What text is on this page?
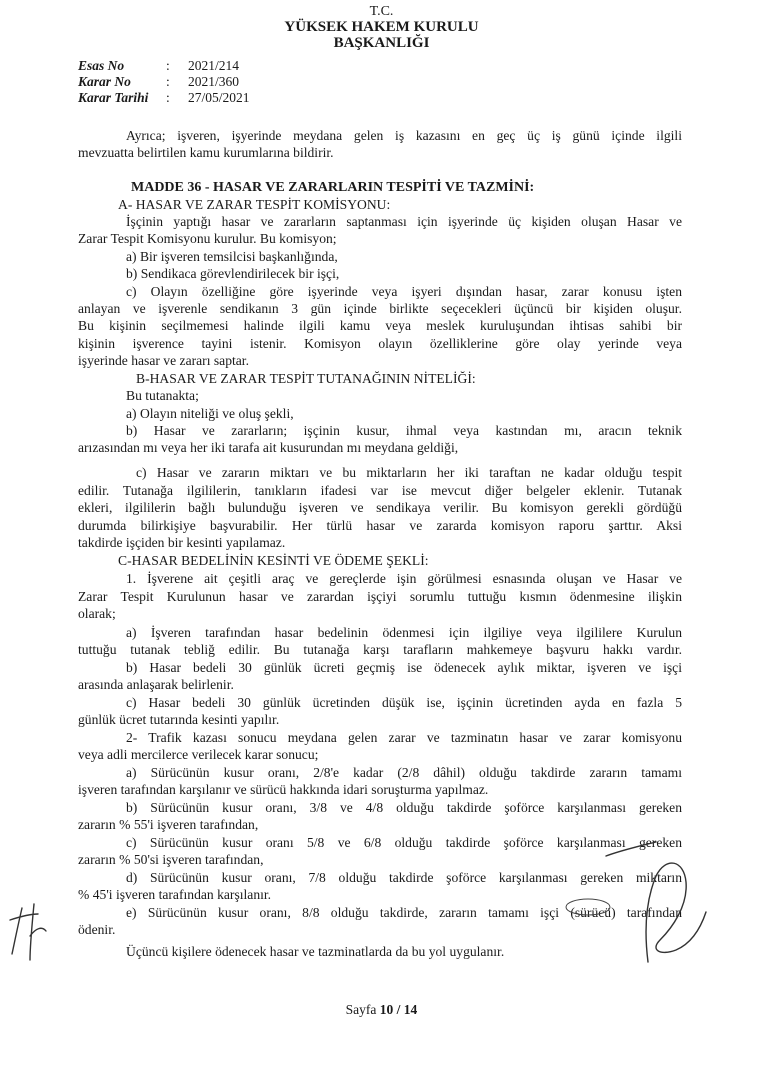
T.C.
YÜKSEK HAKEM KURULU
BAŞKANLIĞI
Esas No	:	2021/214
Karar No	:	2021/360
Karar Tarihi	:	27/05/2021
Ayrıca; işveren, işyerinde meydana gelen iş kazasını en geç üç iş günü içinde ilgili
mevzuatta belirtilen kamu kurumlarına bildirir.
MADDE 36 - HASAR VE ZARARLARIN TESPİTİ VE TAZMİNİ:
A- HASAR VE ZARAR TESPİT KOMİSYONU:
İşçinin yaptığı hasar ve zararların saptanması için işyerinde üç kişiden oluşan Hasar ve
Zarar Tespit Komisyonu kurulur. Bu komisyon;
a) Bir işveren temsilcisi başkanlığında,
b) Sendikaca görevlendirilecek bir işçi,
c) Olayın özelliğine göre işyerinde veya işyeri dışından hasar, zarar konusu işten
anlayan ve işverenle sendikanın 3 gün içinde birlikte seçecekleri üçüncü bir kişiden oluşur.
Bu kişinin seçilmemesi halinde ilgili kamu veya meslek kuruluşundan ihtisas sahibi bir
kişinin işverence tayini istenir. Komisyon olayın özelliklerine göre olay yerinde veya
işyerinde hasar ve zararı saptar.
B-HASAR VE ZARAR TESPİT TUTANAĞININ NİTELİĞİ:
Bu tutanakta;
a) Olayın niteliği ve oluş şekli,
b) Hasar ve zararların; işçinin kusur, ihmal veya kastından mı, aracın teknik
arızasından mı veya her iki tarafa ait kusurundan mı meydana geldiği,
c) Hasar ve zararın miktarı ve bu miktarların her iki taraftan ne kadar olduğu tespit
edilir. Tutanağa ilgililerin, tanıkların ifadesi var ise mevcut diğer belgeler eklenir. Tutanak
ekleri, ilgililerin bağlı bulunduğu işveren ve sendikaya verilir. Bu komisyon gerekli gördüğü
durumda bilirkişiye başvurabilir. Her türlü hasar ve zararda komisyon raporu şarttır. Aksi
takdirde işçiden bir kesinti yapılamaz.
C-HASAR BEDELİNİN KESİNTİ VE ÖDEME ŞEKLİ:
1. İşverene ait çeşitli araç ve gereçlerde işin görülmesi esnasında oluşan ve Hasar ve
Zarar Tespit Kurulunun hasar ve zarardan işçiyi sorumlu tuttuğu kısmın ödenmesine ilişkin
olarak;
a) İşveren tarafından hasar bedelinin ödenmesi için ilgiliye veya ilgililere Kurulun
tuttuğu tutanak tebliğ edilir. Bu tutanağa karşı tarafların mahkemeye başvuru hakkı vardır.
b) Hasar bedeli 30 günlük ücreti geçmiş ise ödenecek aylık miktar, işveren ve işçi
arasında anlaşarak belirlenir.
c) Hasar bedeli 30 günlük ücretinden düşük ise, işçinin ücretinden ayda en fazla 5
günlük ücret tutarında kesinti yapılır.
2- Trafik kazası sonucu meydana gelen zarar ve tazminatın hasar ve zarar komisyonu
veya adli mercilerce verilecek karar sonucu;
a) Sürücünün kusur oranı, 2/8'e kadar (2/8 dâhil) olduğu takdirde zararın tamamı
işveren tarafından karşılanır ve sürücü hakkında idari soruşturma yapılmaz.
b) Sürücünün kusur oranı, 3/8 ve 4/8 olduğu takdirde şoförce karşılanması gereken
zararın % 55'i işveren tarafından,
c) Sürücünün kusur oranı 5/8 ve 6/8 olduğu takdirde şoförce karşılanması gereken
zararın % 50'si işveren tarafından,
d) Sürücünün kusur oranı, 7/8 olduğu takdirde şoförce karşılanması gereken miktarın
% 45'i işveren tarafından karşılanır.
e) Sürücünün kusur oranı, 8/8 olduğu takdirde, zararın tamamı işçi (sürücü) tarafından
ödenir.
Üçüncü kişilere ödenecek hasar ve tazminatlarda da bu yol uygulanır.
Sayfa 10 / 14
